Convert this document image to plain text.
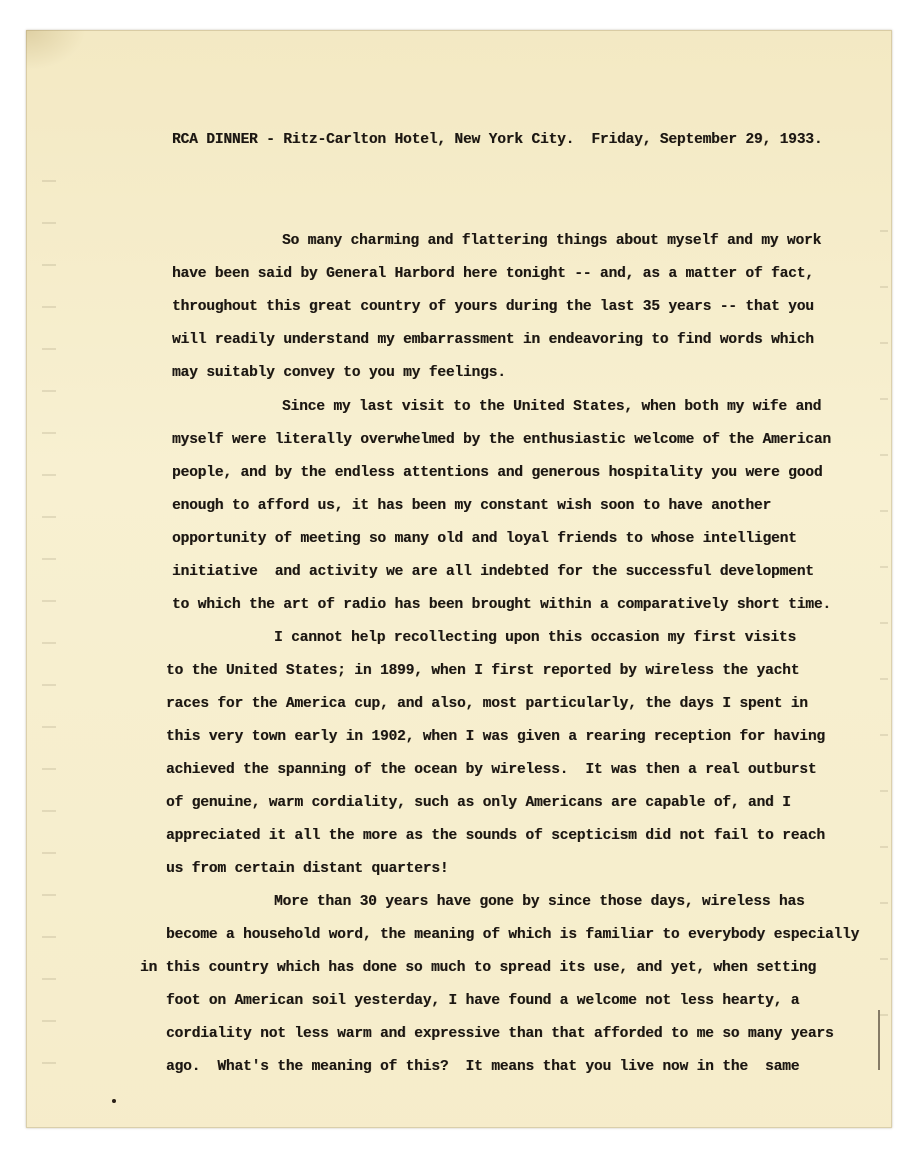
RCA DINNER - Ritz-Carlton Hotel, New York City.  Friday, September 29, 1933.
So many charming and flattering things about myself and my work
have been said by General Harbord here tonight -- and, as a matter of fact,
throughout this great country of yours during the last 35 years -- that you
will readily understand my embarrassment in endeavoring to find words which
may suitably convey to you my feelings.
Since my last visit to the United States, when both my wife and
myself were literally overwhelmed by the enthusiastic welcome of the American
people, and by the endless attentions and generous hospitality you were good
enough to afford us, it has been my constant wish soon to have another
opportunity of meeting so many old and loyal friends to whose intelligent
initiative  and activity we are all indebted for the successful development
to which the art of radio has been brought within a comparatively short time.
I cannot help recollecting upon this occasion my first visits
to the United States; in 1899, when I first reported by wireless the yacht
races for the America cup, and also, most particularly, the days I spent in
this very town early in 1902, when I was given a rearing reception for having
achieved the spanning of the ocean by wireless.  It was then a real outburst
of genuine, warm cordiality, such as only Americans are capable of, and I
appreciated it all the more as the sounds of scepticism did not fail to reach
us from certain distant quarters!
More than 30 years have gone by since those days, wireless has
become a household word, the meaning of which is familiar to everybody especially
in this country which has done so much to spread its use, and yet, when setting
foot on American soil yesterday, I have found a welcome not less hearty, a
cordiality not less warm and expressive than that afforded to me so many years
ago.  What's the meaning of this?  It means that you live now in the  same
